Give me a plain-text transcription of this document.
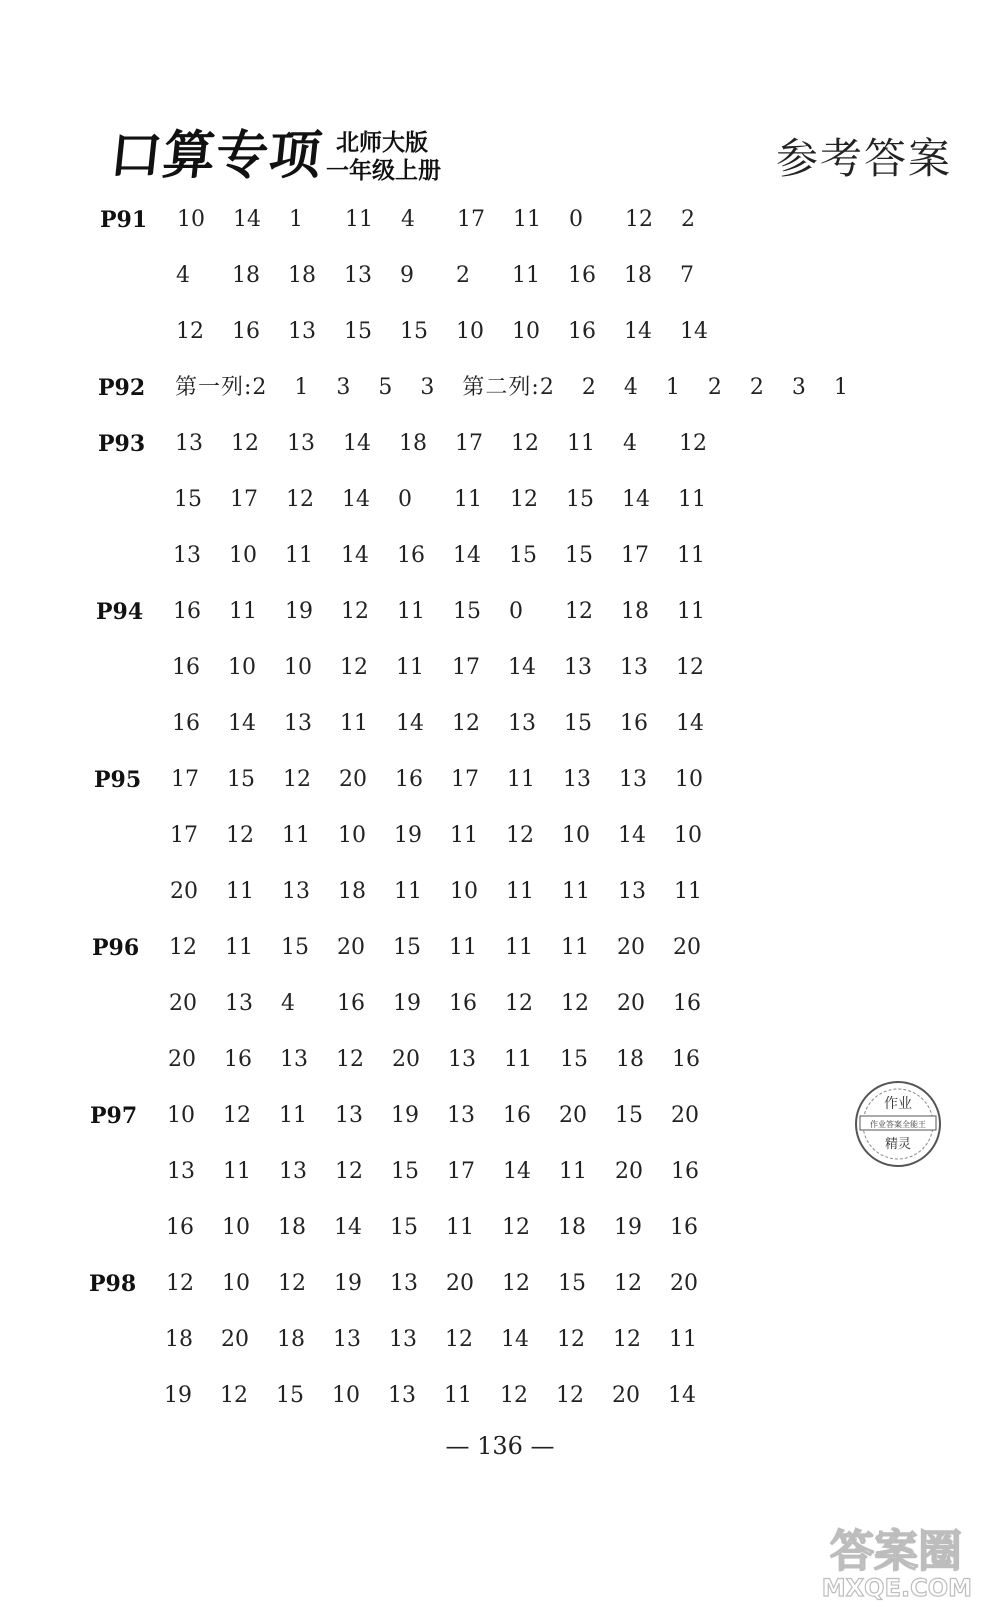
口算专项 北师大版
一年级上册	参考答案
P91	10 14 1 11 4 17 11 0 12 2
4 18 18 13 9 2 11 16 18 7
12 16 13 15 15 10 10 16 14 14
P92	第一列:2 1 3 5 3 第二列:2 2 4 1 2 2 3 1
P93	13 12 13 14 18 17 12 11 4 12
15 17 12 14 0 11 12 15 14 11
13 10 11 14 16 14 15 15 17 11
P94	16 11 19 12 11 15 0 12 18 11
16 10 10 12 11 17 14 13 13 12
16 14 13 11 14 12 13 15 16 14
P95	17 15 12 20 16 17 11 13 13 10
17 12 11 10 19 11 12 10 14 10
20 11 13 18 11 10 11 11 13 11
P96	12 11 15 20 15 11 11 11 20 20
20 13 4 16 19 16 12 12 20 16
20 16 13 12 20 13 11 15 18 16
P97	10 12 11 13 19 13 16 20 15 20
13 11 13 12 15 17 14 11 20 16
16 10 18 14 15 11 12 18 19 16
P98	12 10 12 19 13 20 12 15 12 20
18 20 18 13 13 12 14 12 12 11
19 12 15 10 13 11 12 12 20 14
— 136 —
作业
作业答案全能王
精灵
答案圈
MXQE.COM
